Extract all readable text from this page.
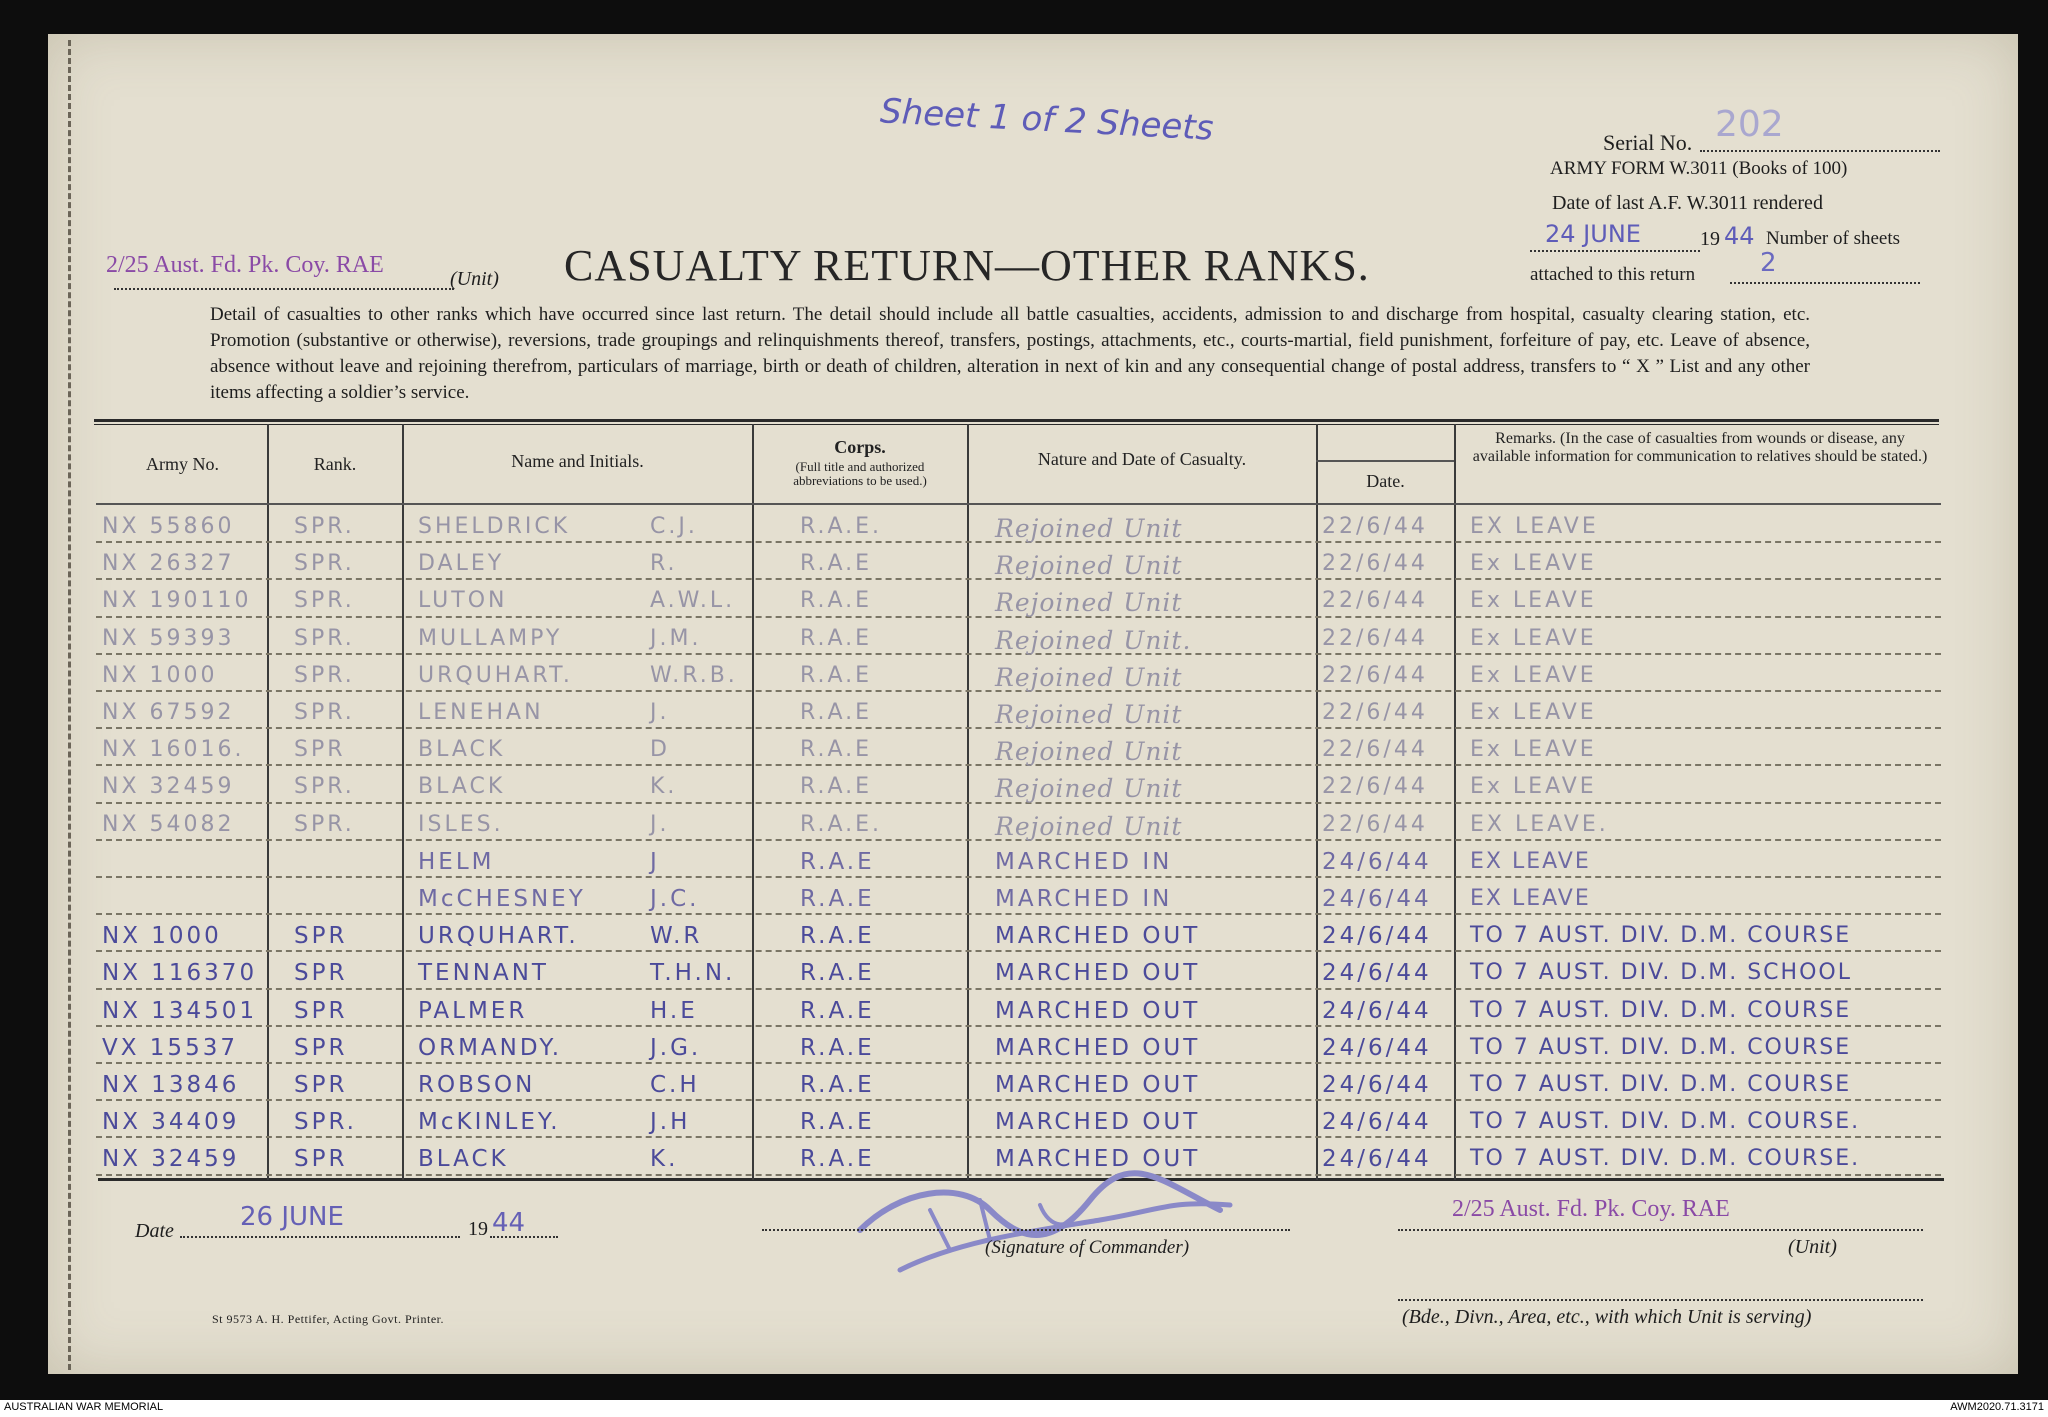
Sheet 1 of 2 Sheets	Serial No. 202
ARMY FORM W.3011 (Books of 100)
Date of last A.F. W.3011 rendered
24 JUNE	19 44 Number of sheets
attached to this return 2
2/25 Aust. Fd. Pk. Coy. RAE
(Unit) CASUALTY RETURN—OTHER RANKS.
Detail of casualties to other ranks which have occurred since last return. The detail should include all battle casualties, accidents, admission to and discharge from hospital, casualty clearing station, etc. Promotion (substantive or otherwise), reversions, trade groupings and relinquishments thereof, transfers, postings, attachments, etc., courts-martial, field punishment, forfeiture of pay, etc. Leave of absence, absence without leave and rejoining therefrom, particulars of marriage, birth or death of children, alteration in next of kin and any consequential change of postal address, transfers to “ X ” List and any other items affecting a soldier’s service.
Army No.	Rank.	Name and Initials.
Corps.
(Full title and authorized abbreviations to be used.)
Nature and Date of Casualty.
Date.
Remarks. (In the case of casualties from wounds or disease, any available information for communication to relatives should be stated.)
NX 55860	SPR.	SHELDRICK	C.J.	R.A.E.	Rejoined Unit	22/6/44 EX LEAVE
NX 26327	SPR.	DALEY	R.	R.A.E	Rejoined Unit	22/6/44 Ex LEAVE
NX 190110 SPR.	LUTON	A.W.L.	R.A.E	Rejoined Unit	22/6/44 Ex LEAVE
NX 59393	SPR.	MULLAMPY	J.M.	R.A.E	Rejoined Unit.	22/6/44 Ex LEAVE
NX 1000	SPR.	URQUHART.	W.R.B.	R.A.E	Rejoined Unit	22/6/44 Ex LEAVE
NX 67592	SPR.	LENEHAN	J.	R.A.E	Rejoined Unit	22/6/44 Ex LEAVE
NX 16016. SPR	BLACK	D	R.A.E	Rejoined Unit	22/6/44 Ex LEAVE
NX 32459	SPR.	BLACK	K.	R.A.E	Rejoined Unit	22/6/44 Ex LEAVE
NX 54082	SPR.	ISLES.	J.	R.A.E.	Rejoined Unit	22/6/44 EX LEAVE.
HELM	J	R.A.E	MARCHED IN	24/6/44 EX LEAVE
McCHESNEY	J.C.	R.A.E	MARCHED IN	24/6/44 EX LEAVE
NX 1000	SPR	URQUHART.	W.R	R.A.E	MARCHED OUT	24/6/44 TO 7 AUST. DIV. D.M. COURSE
NX 116370 SPR	TENNANT	T.H.N.	R.A.E	MARCHED OUT	24/6/44 TO 7 AUST. DIV. D.M. SCHOOL
NX 134501 SPR	PALMER	H.E	R.A.E	MARCHED OUT	24/6/44 TO 7 AUST. DIV. D.M. COURSE
VX 15537 SPR	ORMANDY.	J.G.	R.A.E	MARCHED OUT	24/6/44 TO 7 AUST. DIV. D.M. COURSE
NX 13846 SPR	ROBSON	C.H	R.A.E	MARCHED OUT	24/6/44 TO 7 AUST. DIV. D.M. COURSE
NX 34409 SPR.	McKINLEY.	J.H	R.A.E	MARCHED OUT	24/6/44 TO 7 AUST. DIV. D.M. COURSE.
NX 32459 SPR	BLACK	K.	R.A.E	MARCHED OUT	24/6/44 TO 7 AUST. DIV. D.M. COURSE.
Date	26 JUNE	19 44
(Signature of Commander)
2/25 Aust. Fd. Pk. Coy. RAE
(Unit)
(Bde., Divn., Area, etc., with which Unit is serving)
St 9573 A. H. Pettifer, Acting Govt. Printer.
AUSTRALIAN WAR MEMORIAL	AWM2020.71.3171
